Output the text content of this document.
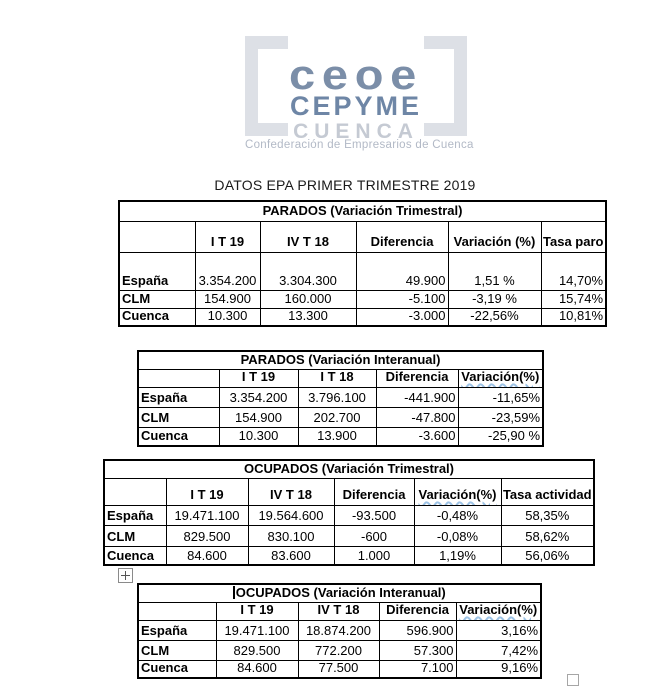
ceoe
CEPYME
CUENCA
Confederación de Empresarios de Cuenca
DATOS EPA PRIMER TRIMESTRE 2019
PARADOS (Variación Trimestral)					
	I T 19	IV T 18	Diferencia	Variación (%)	Tasa paro
España	3.354.200	3.304.300	49.900	1,51 %	14,70%
CLM	154.900	160.000	-5.100	-3,19 %	15,74%
Cuenca	10.300	13.300	-3.000	-22,56%	10,81%
PARADOS (Variación Interanual)				
	I T 19	I T 18	Diferencia	Variación(%)
España	3.354.200	3.796.100	-441.900	-11,65%
CLM	154.900	202.700	-47.800	-23,59%
Cuenca	10.300	13.900	-3.600	-25,90 %
OCUPADOS (Variación Trimestral)					
	I T 19	IV T 18	Diferencia	Variación(%)	Tasa actividad
España	19.471.100	19.564.600	-93.500	-0,48%	58,35%
CLM	829.500	830.100	-600	-0,08%	58,62%
Cuenca	84.600	83.600	1.000	1,19%	56,06%
OCUPADOS (Variación Interanual)				
	I T 19	IV T 18	Diferencia	Variación(%)
España	19.471.100	18.874.200	596.900	3,16%
CLM	829.500	772.200	57.300	7,42%
Cuenca	84.600	77.500	7.100	9,16%
